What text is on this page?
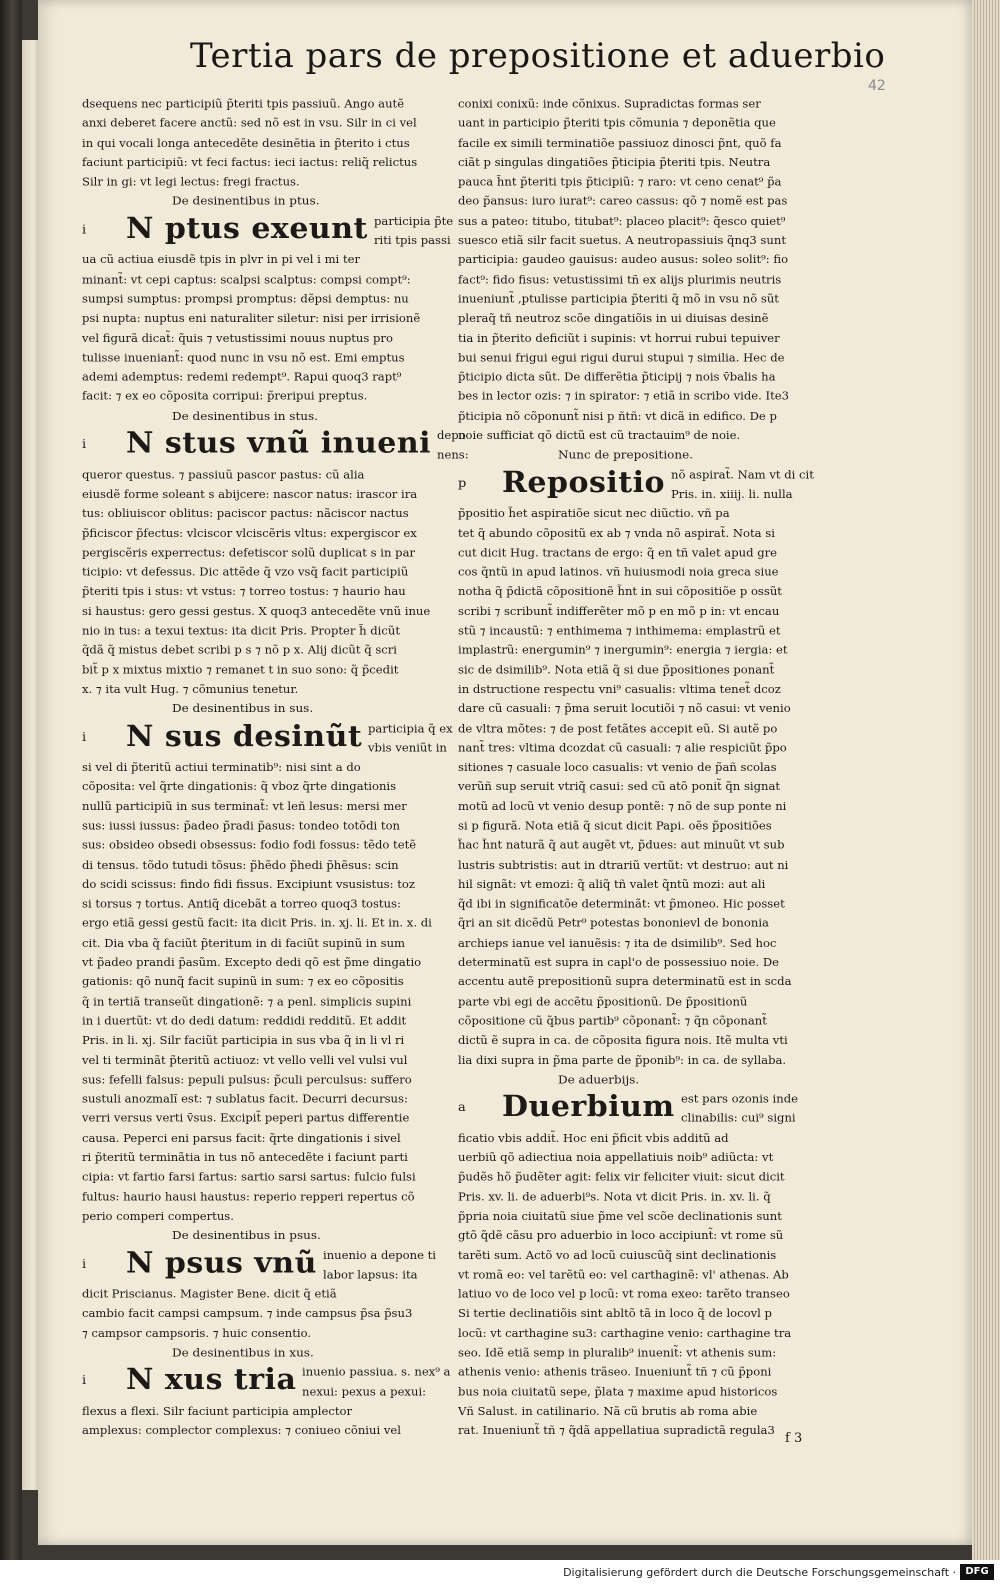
Tertia pars de prepositione et aduerbio
42
dsequens nec participiũ p̃teriti tpis passiuũ. Ango autẽ
anxi deberet facere anctũ: sed nõ est in vsu. Silr in ci vel
in qui vocali longa antecedēte desinētia in p̃terito i ctus
faciunt participiũ: vt feci factus: ieci iactus: reliq̃ relictus
Silr in gi: vt legi lectus: fregi fractus.
De desinentibus in ptus.
i N ptus exeunt participia p̃te riti tpis passi
ua cũ actiua eiusdẽ tpis in plvr in pi vel i mi ter
minant̃: vt cepi captus: scalpsi scalptus: compsi compt⁹:
sumpsi sumptus: prompsi promptus: dẽpsi demptus: nu
psi nupta: nuptus eni naturaliter siletur: nisi per irrisionẽ
vel figurã dicat̃: q̃uis ⁊ vetustissimi nouus nuptus pro
tulisse inueniant̃: quod nunc in vsu nõ est. Emi emptus
ademi ademptus: redemi redempt⁹. Rapui quoq3 rapt⁹
facit: ⁊ ex eo cõposita corripui: p̃reripui preptus.
De desinentibus in stus.
i N stus vnũ inueni depo nens:
queror questus. ⁊ passiuũ pascor pastus: cũ alia
eiusdẽ forme soleant s abijcere: nascor natus: irascor ira
tus: obliuiscor oblitus: paciscor pactus: nãciscor nactus
p̃ficiscor p̃fectus: vlciscor vlciscẽris vltus: expergiscor ex
pergiscẽris experrectus: defetiscor solũ duplicat s in par
ticipio: vt defessus. Dic attẽde q̃ vzo vsq̃ facit participiũ
p̃teriti tpis i stus: vt vstus: ⁊ torreo tostus: ⁊ haurio hau
si haustus: gero gessi gestus. X quoq3 antecedẽte vnũ inue
nio in tus: a texui textus: ita dicit Pris. Propter h̃ dicũt
q̃dã q̃ mistus debet scribi p s ⁊ nõ p x. Alij dicũt q̃ scri
bit̃ p x mixtus mixtio ⁊ remanet t in suo sono: q̃ p̃cedit
x. ⁊ ita vult Hug. ⁊ cõmunius tenetur.
De desinentibus in sus.
i N sus desinũt participia q̃ ex vbis veniũt in
si vel di p̃teritũ actiui terminatib⁹: nisi sint a do
cõposita: vel q̃rte dingationis: q̃ vboz q̃rte dingationis
nullũ participiũ in sus terminat̃: vt leñ lesus: mersi mer
sus: iussi iussus: p̃adeo p̃radi p̃asus: tondeo totõdi ton
sus: obsideo obsedi obsessus: fodio fodi fossus: tẽdo tetẽ
di tensus. tõdo tutudi tõsus: p̃hẽdo p̃hedi p̃hẽsus: scin
do scidi scissus: findo fidi fissus. Excipiunt vsusistus: toz
si torsus ⁊ tortus. Antiq̃ dicebãt a torreo quoq3 tostus:
ergo etiã gessi gestũ facit: ita dicit Pris. in. xj. li. Et in. x. di
cit. Dia vba q̃ faciũt p̃teritum in di faciũt supinũ in sum
vt p̃adeo prandi p̃asũm. Excepto dedi qõ est p̃me dingatio
gationis: qõ nunq̃ facit supinũ in sum: ⁊ ex eo cõpositis
q̃ in tertiã transeũt dingationẽ: ⁊ a penl. simplicis supini
in i duertũt: vt do dedi datum: reddidi redditũ. Et addit
Pris. in li. xj. Silr faciũt participia in sus vba q̃ in li vl ri
vel ti terminãt p̃teritũ actiuoz: vt vello velli vel vulsi vul
sus: fefelli falsus: pepuli pulsus: p̃culi perculsus: suffero
sustuli anozmalĩ est: ⁊ sublatus facit. Decurri decursus:
verri versus verti v̄sus. Excipit̃ peperi partus differentie
causa. Peperci eni parsus facit: q̃rte dingationis i sivel
ri p̃teritũ terminãtia in tus nõ antecedẽte i faciunt parti
cipia: vt fartio farsi fartus: sartio sarsi sartus: fulcio fulsi
fultus: haurio hausi haustus: reperio repperi repertus cõ
perio comperi compertus.
De desinentibus in psus.
i N psus vnũ inuenio a depone ti labor lapsus: ita
dicit Priscianus. Magister Bene. dicit q̃ etiã
cambio facit campsi campsum. ⁊ inde campsus p̃sa p̃su3
⁊ campsor campsoris. ⁊ huic consentio.
De desinentibus in xus.
i N xus tria inuenio passiua. s. nex⁹ a nexui: pexus a pexui:
flexus a flexi. Silr faciunt participia amplector
amplexus: complector complexus: ⁊ coniueo cõniui vel
conixi conixũ: inde cõnixus. Supradictas formas ser
uant in participio p̃teriti tpis cõmunia ⁊ deponẽtia que
facile ex simili terminatiõe passiuoz dinosci p̃nt, quõ fa
ciãt p singulas dingatiões p̃ticipia p̃teriti tpis. Neutra
pauca h̃nt p̃teriti tpis p̃ticipiũ: ⁊ raro: vt ceno cenat⁹ p̃a
deo p̃ansus: iuro iurat⁹: careo cassus: qõ ⁊ nomẽ est pas
sus a pateo: titubo, titubat⁹: placeo placit⁹: q̃esco quiet⁹
suesco etiã silr facit suetus. A neutropassiuis q̃nq3 sunt
participia: gaudeo gauisus: audeo ausus: soleo solit⁹: fio
fact⁹: fido fisus: vetustissimi tñ ex alijs plurimis neutris
inueniunt̃ ,ptulisse participia p̃teriti q̃ mõ in vsu nõ sũt
pleraq̃ tñ neutroz scõe dingatiõis in ui diuisas desinẽ
tia in p̃terito deficiũt i supinis: vt horrui rubui tepuiver
bui senui frigui egui rigui durui stupui ⁊ similia. Hec de
p̃ticipio dicta sũt. De differẽtia p̃ticipij ⁊ nois v̄balis ha
bes in lector ozis: ⁊ in spirator: ⁊ etiã in scribo vide. Ite3
p̃ticipia nõ cõponunt̃ nisi p ñtñ: vt dicã in edifico. De p
noie sufficiat qõ dictũ est cũ tractauim⁹ de noie.
Nunc de prepositione.
p Repositio nõ aspirat̃. Nam vt di cit Pris. in. xiiij. li. nulla
p̃positio h̃et aspiratiõe sicut nec diũctio. vñ pa
tet q̃ abundo cõpositũ ex ab ⁊ vnda nõ aspirat̃. Nota si
cut dicit Hug. tractans de ergo: q̃ en tñ valet apud gre
cos q̃ntũ in apud latinos. vñ huiusmodi noia greca siue
notha q̃ p̃dictã cõpositionẽ h̃nt in sui cõpositiõe p ossũt
scribi ⁊ scribunt̃ indifferẽter mõ p en mõ p in: vt encau
stũ ⁊ incaustũ: ⁊ enthimema ⁊ inthimema: emplastrũ et
implastrũ: energumin⁹ ⁊ inergumin⁹: energia ⁊ iergia: et
sic de dsimilib⁹. Nota etiã q̃ si due p̃positiones ponant̃
in dstructione respectu vni⁹ casualis: vltima tenet̃ dcoz
dare cũ casuali: ⁊ p̃ma seruit locutiõi ⁊ nõ casui: vt venio
de vltra mõtes: ⁊ de post fetãtes accepit eũ. Si autẽ po
nant̃ tres: vltima dcozdat cũ casuali: ⁊ alie respiciũt p̃po
sitiones ⁊ casuale loco casualis: vt venio de p̃añ scolas
verũñ sup seruit vtriq̃ casui: sed cũ atõ ponit̃ q̃n signat
motũ ad locũ vt venio desup pontẽ: ⁊ nõ de sup ponte ni
si p figurã. Nota etiã q̃ sicut dicit Papi. oẽs p̃positiões
h̃ac h̃nt naturã q̃ aut augẽt vt, p̃dues: aut minuũt vt sub
lustris subtristis: aut in dtrariũ vertũt: vt destruo: aut ni
hil signãt: vt emozi: q̃ aliq̃ tñ valet q̃ntũ mozi: aut ali
q̃d ibi in significatõe determinãt: vt p̃moneo. Hic posset
q̃ri an sit dicẽdũ Petr⁹ potestas bononievl de bononia
archieps ianue vel ianuẽsis: ⁊ ita de dsimilib⁹. Sed hoc
determinatũ est supra in capl'o de possessiuo noie. De
accentu autẽ prepositionũ supra determinatũ est in scda
parte vbi egi de accẽtu p̃positionũ. De p̃positionũ
cõpositione cũ q̃bus partib⁹ cõponant̃: ⁊ q̃n cõponant̃
dictũ ẽ supra in ca. de cõposita figura nois. Itẽ multa vti
lia dixi supra in p̃ma parte de p̃ponib⁹: in ca. de syllaba.
De aduerbijs.
a Duerbium est pars ozonis inde clinabilis: cui⁹ signi
ficatio vbis addit̃. Hoc eni p̃ficit vbis additũ ad
uerbiũ qõ adiectiua noia appellatiuis noib⁹ adiũcta: vt
p̃udẽs hõ p̃udẽter agit: felix vir feliciter viuit: sicut dicit
Pris. xv. li. de aduerbi⁹s. Nota vt dicit Pris. in. xv. li. q̃
p̃pria noia ciuitatũ siue p̃me vel scõe declinationis sunt
gtõ q̃dẽ cãsu pro aduerbio in loco accipiunt̃: vt rome sũ
tarẽti sum. Actõ vo ad locũ cuiuscũq̃ sint declinationis
vt romã eo: vel tarẽtũ eo: vel carthaginẽ: vl' athenas. Ab
latiuo vo de loco vel p locũ: vt roma exeo: tarẽto transeo
Si tertie declinatiõis sint abltõ tã in loco q̃ de locovl p
locũ: vt carthagine su3: carthagine venio: carthagine tra
seo. Idẽ etiã semp in pluralib⁹ inuenit̃: vt athenis sum:
athenis venio: athenis trãseo. Inueniunt̃ tñ ⁊ cũ p̃poni
bus noia ciuitatũ sepe, p̃lata ⁊ maxime apud historicos
Vñ Salust. in catilinario. Nã cũ brutis ab roma abie
rat. Inueniunt̃ tñ ⁊ q̃dã appellatiua supradictã regula3
f 3
Digitalisierung gefördert durch die Deutsche Forschungsgemeinschaft · DFG
